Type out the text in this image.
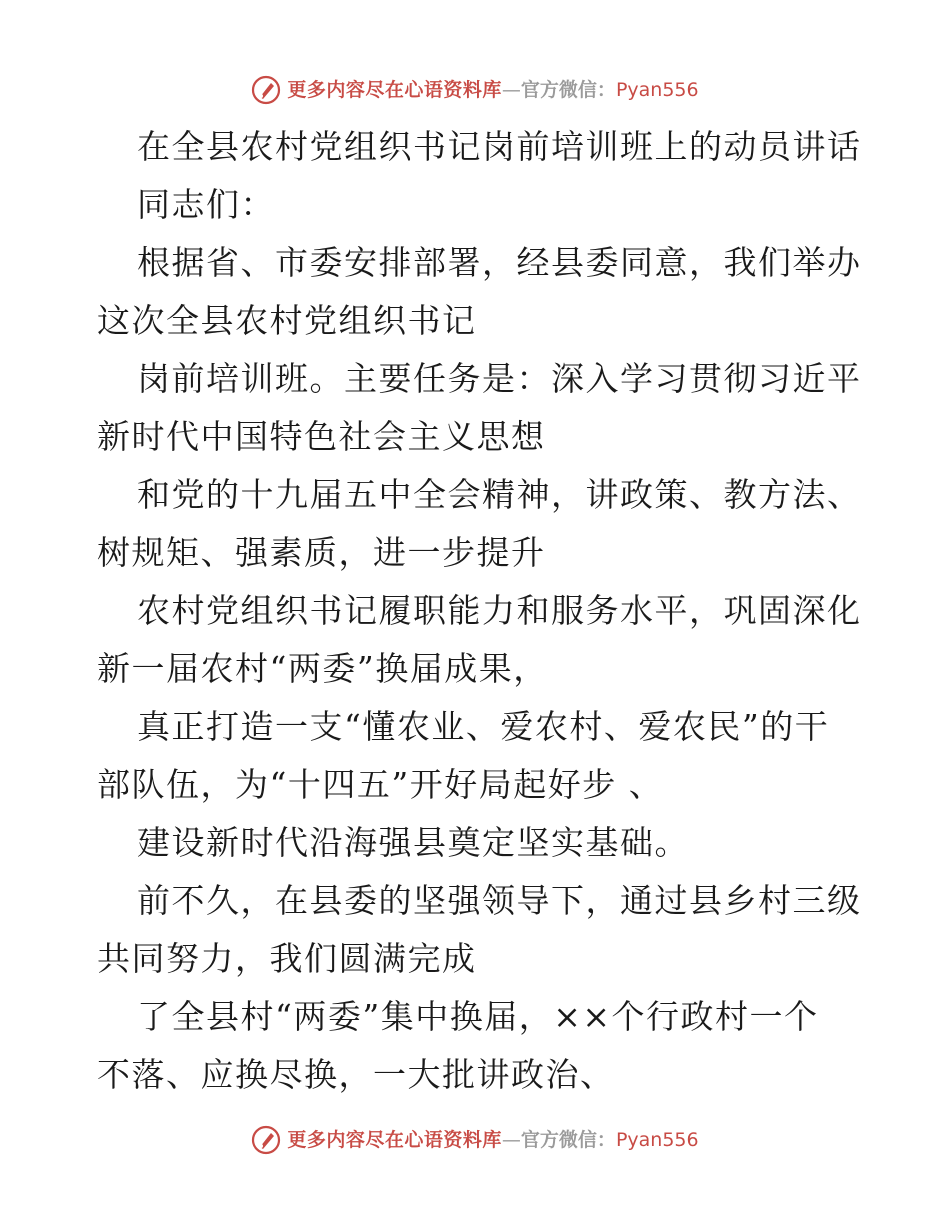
更多内容尽在心语资料库—官方微信：Pyan556
在全县农村党组织书记岗前培训班上的动员讲话
同志们：
根据省、市委安排部署，经县委同意，我们举办
这次全县农村党组织书记
岗前培训班。主要任务是：深入学习贯彻习近平
新时代中国特色社会主义思想
和党的十九届五中全会精神，讲政策、教方法、
树规矩、强素质，进一步提升
农村党组织书记履职能力和服务水平，巩固深化
新一届农村“两委”换届成果，
真正打造一支“懂农业、爱农村、爱农民”的干
部队伍，为“十四五”开好局起好步 、
建设新时代沿海强县奠定坚实基础。
前不久，在县委的坚强领导下，通过县乡村三级
共同努力，我们圆满完成
了全县村“两委”集中换届，××个行政村一个
不落、应换尽换，一大批讲政治、
更多内容尽在心语资料库—官方微信：Pyan556
